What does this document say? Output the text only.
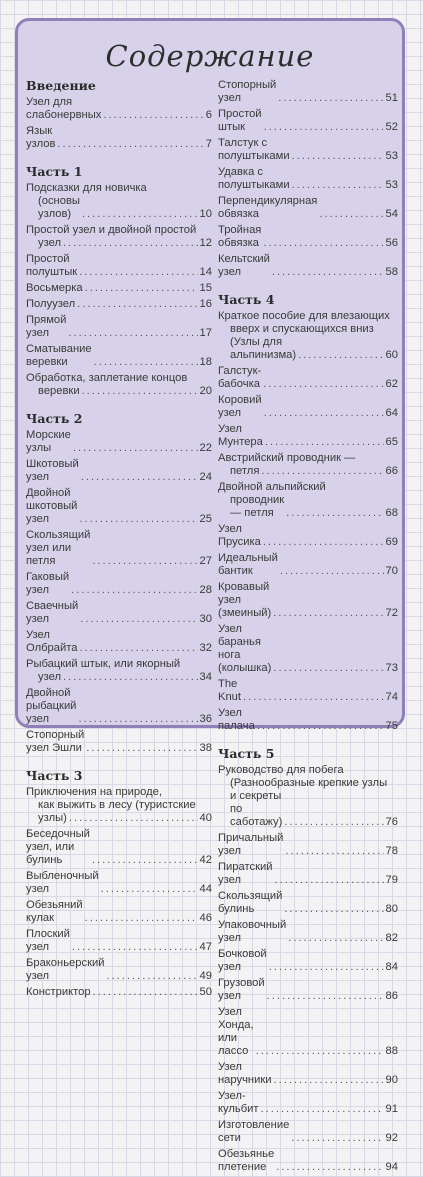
Содержание
Введение
Узел для слабонервных .....	6
Язык узлов .....	7
Часть 1
Подсказки для новичка
(основы узлов) .....	10
Простой узел и двойной простой
узел .....	12
Простой полуштык .....	14
Восьмерка .....	15
Полуузел .....	16
Прямой узел .....	17
Сматывание веревки .....	18
Обработка, заплетание концов
веревки .....	20
Часть 2
Морские узлы .....	22
Шкотовый узел .....	24
Двойной шкотовый узел .....	25
Скользящий узел или петля .....	27
Гаковый узел .....	28
Сваечный узел .....	30
Узел Олбрайта .....	32
Рыбацкий штык, или якорный
узел .....	34
Двойной рыбацкий узел .....	36
Стопорный узел Эшли .....	38
Часть 3
Приключения на природе,
как выжить в лесу (туристские
узлы) .....	40
Беседочный узел, или булинь .....	42
Выбленочный узел .....	44
Обезьяний кулак .....	46
Плоский узел .....	47
Браконьерский узел .....	49
Констриктор .....	50
Стопорный узел .....	51
Простой штык .....	52
Талстук с полуштыками .....	53
Удавка с полуштыками .....	53
Перпендикулярная обвязка .....	54
Тройная обвязка .....	56
Кельтский узел .....	58
Часть 4
Краткое пособие для влезающих
вверх и спускающихся вниз
(Узлы для альпинизма) .....	60
Галстук-бабочка .....	62
Коровий узел .....	64
Узел Мунтера .....	65
Австрийский проводник —
петля .....	66
Двойной альпийский
проводник — петля .....	68
Узел Прусика .....	69
Идеальный бантик .....	70
Кровавый узел (змеиный) .....	72
Узел баранья нога (колышка) .....	73
The Knut .....	74
Узел палача .....	75
Часть 5
Руководство для побега
(Разнообразные крепкие узлы
и секреты по саботажу) .....	76
Причальный узел .....	78
Пиратский узел .....	79
Скользящий булинь .....	80
Упаковочный узел .....	82
Бочковой узел .....	84
Грузовой узел .....	86
Узел Хонда, или лассо .....	88
Узел наручники .....	90
Узел-кульбит .....	91
Изготовление сети .....	92
Обезьянье плетение .....	94
